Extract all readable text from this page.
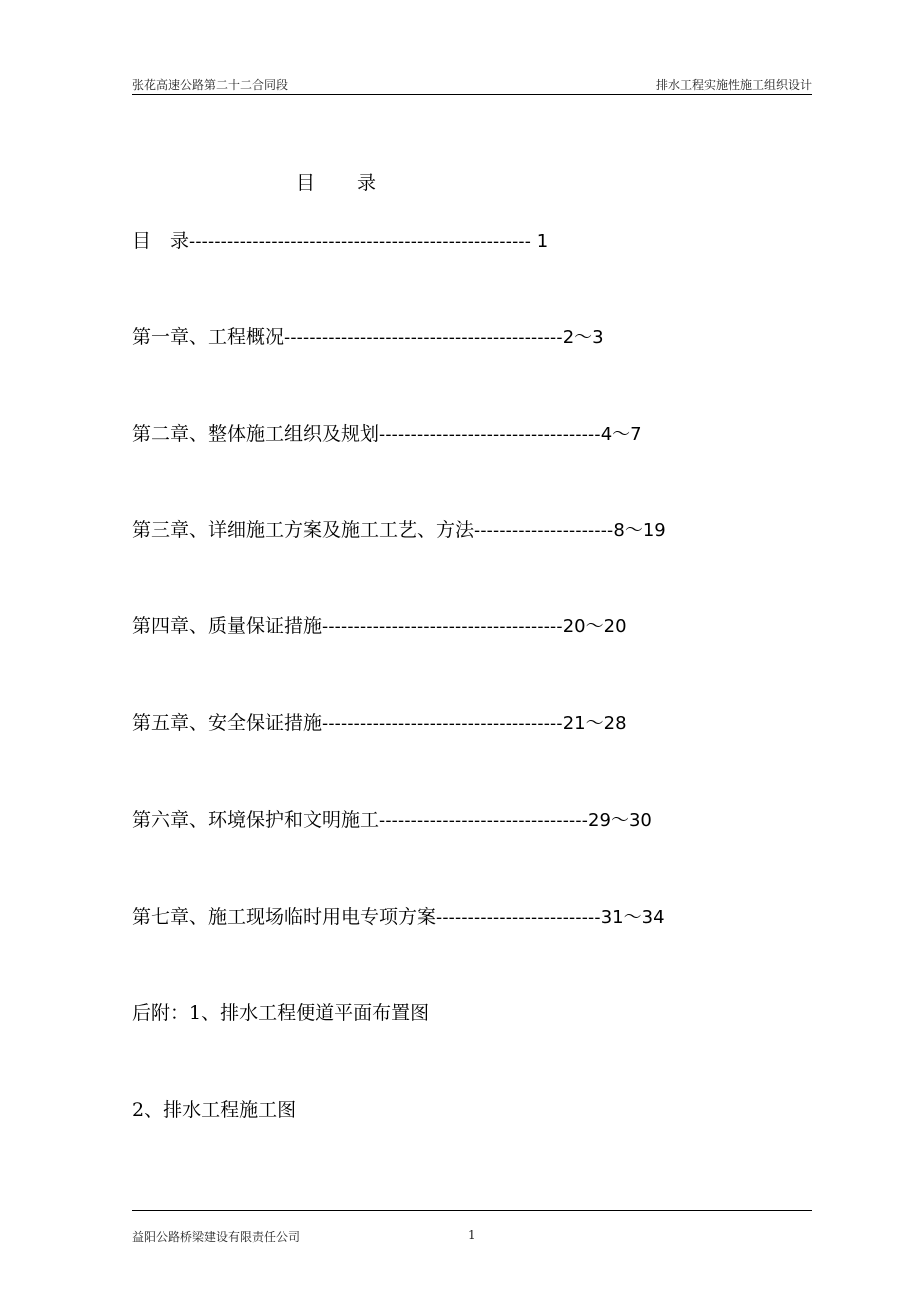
张花高速公路第二十二合同段	排水工程实施性施工组织设计
目 录
目　录------------------------------------------------------ 1
第一章、工程概况--------------------------------------------2～3
第二章、整体施工组织及规划-----------------------------------4～7
第三章、详细施工方案及施工工艺、方法----------------------8～19
第四章、质量保证措施--------------------------------------20～20
第五章、安全保证措施--------------------------------------21～28
第六章、环境保护和文明施工---------------------------------29～30
第七章、施工现场临时用电专项方案--------------------------31～34
后附：1、排水工程便道平面布置图
2、排水工程施工图
益阳公路桥梁建设有限责任公司	1
